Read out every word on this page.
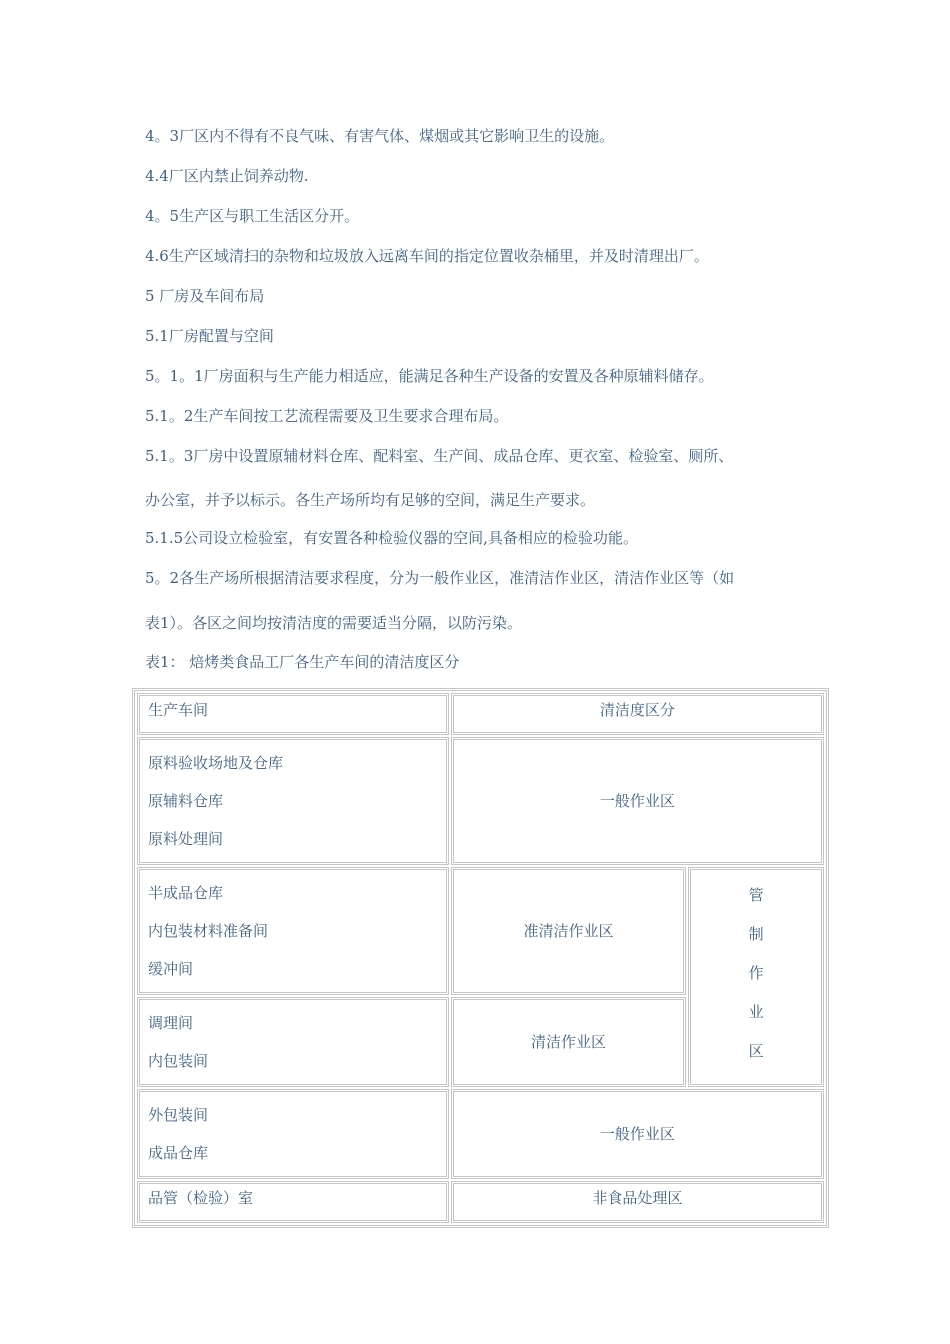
4。3厂区内不得有不良气味、有害气体、煤烟或其它影响卫生的设施。
4.4厂区内禁止饲养动物.
4。5生产区与职工生活区分开。
4.6生产区域清扫的杂物和垃圾放入远离车间的指定位置收杂桶里，并及时清理出厂。
5 厂房及车间布局
5.1厂房配置与空间
5。1。1厂房面积与生产能力相适应，能满足各种生产设备的安置及各种原辅料储存。
5.1。2生产车间按工艺流程需要及卫生要求合理布局。
5.1。3厂房中设置原辅材料仓库、配料室、生产间、成品仓库、更衣室、检验室、厕所、
办公室，并予以标示。各生产场所均有足够的空间，满足生产要求。
5.1.5公司设立检验室，有安置各种检验仪器的空间,具备相应的检验功能。
5。2各生产场所根据清洁要求程度，分为一般作业区，准清洁作业区，清洁作业区等（如
表1）。各区之间均按清洁度的需要适当分隔，以防污染。
表1： 焙烤类食品工厂各生产车间的清洁度区分
生产车间	清洁度区分	

原料验收场地及仓库
原辅料仓库
原料处理间	一般作业区	

半成品仓库
内包装材料准备间
缓冲间	准清洁作业区	管
制
作
业
区

调理间
内包装间	清洁作业区	

外包装间
成品仓库	一般作业区	
品管（检验）室	非食品处理区	
